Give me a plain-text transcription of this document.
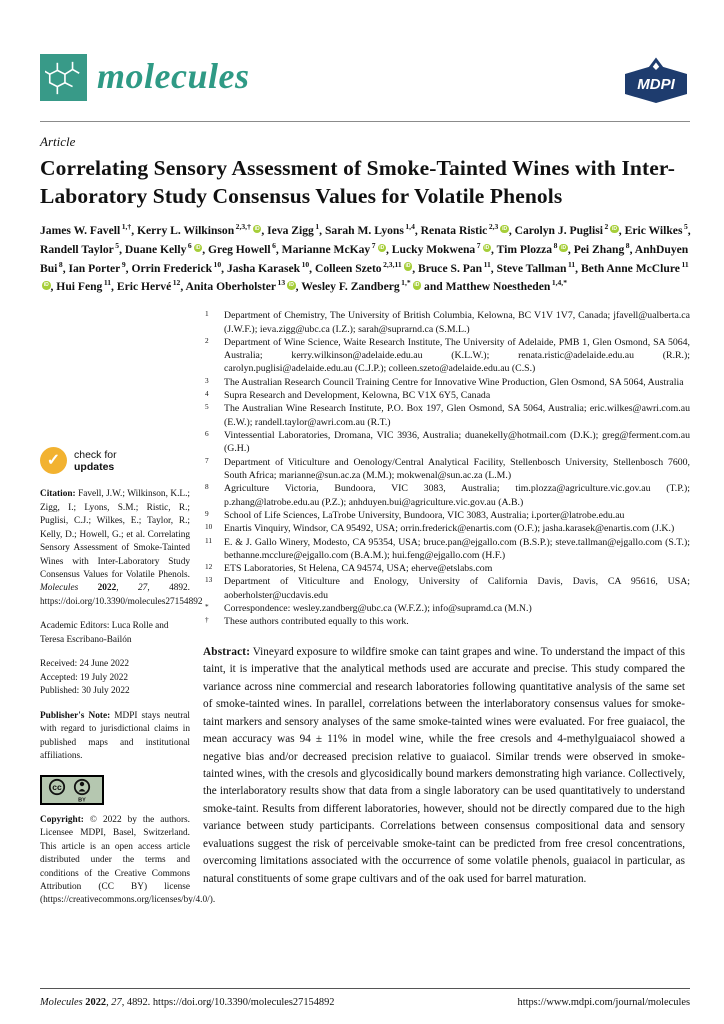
molecules	MDPI
Article
Correlating Sensory Assessment of Smoke-Tainted Wines with Inter-Laboratory Study Consensus Values for Volatile Phenols
James W. Favell $^{1,\dagger}$, Kerry L. Wilkinson $^{2,3,\dagger}$ iD , Ieva Zigg $^1$, Sarah M. Lyons $^{1,4}$, Renata Ristic $^{2,3}$ iD , Carolyn J. Puglisi $^2$ iD , Eric Wilkes $^5$, Randell Taylor $^5$, Duane Kelly $^6$ iD , Greg Howell $^6$, Marianne McKay $^7$ iD , Lucky Mokwena $^7$ iD , Tim Plozza $^8$ iD , Pei Zhang $^8$, AnhDuyen Bui $^8$, Ian Porter $^9$, Orrin Frederick $^{10}$, Jasha Karasek $^{10}$, Colleen Szeto $^{2,3,11}$ iD , Bruce S. Pan $^{11}$, Steve Tallman $^{11}$, Beth Anne McClure $^{11}$iD , Hui Feng $^{11}$, Eric Hervé $^{12}$, Anita Oberholster $^{13}$ iD , Wesley F. Zandberg $^{1,*}$ iD and Matthew Noestheden $^{1,4,*}$
✓	check for
updates

Citation: Favell, J.W.; Wilkinson, K.L.; Zigg, I.; Lyons, S.M.; Ristic, R.; Puglisi, C.J.; Wilkes, E.; Taylor, R.; Kelly, D.; Howell, G.; et al. Correlating Sensory Assessment of Smoke-Tainted Wines with Inter-Laboratory Study Consensus Values for Volatile Phenols. Molecules 2022, 27, 4892. https://doi.org/10.3390/molecules27154892

Academic Editors: Luca Rolle and Teresa Escribano-Bailón

Received: 24 June 2022
Accepted: 19 July 2022
Published: 30 July 2022

Publisher's Note: MDPI stays neutral with regard to jurisdictional claims in published maps and institutional affiliations.

cc
BY

Copyright: © 2022 by the authors. Licensee MDPI, Basel, Switzerland. This article is an open access article distributed under the terms and conditions of the Creative Commons Attribution (CC BY) license (https://creativecommons.org/licenses/by/4.0/).

1 Department of Chemistry, The University of British Columbia, Kelowna, BC V1V 1V7, Canada; jfavell@ualberta.ca (J.W.F.); ieva.zigg@ubc.ca (I.Z.); sarah@suprarnd.ca (S.M.L.)
2 Department of Wine Science, Waite Research Institute, The University of Adelaide, PMB 1, Glen Osmond, SA 5064, Australia; kerry.wilkinson@adelaide.edu.au (K.L.W.); renata.ristic@adelaide.edu.au (R.R.); carolyn.puglisi@adelaide.edu.au (C.J.P.); colleen.szeto@adelaide.edu.au (C.S.)
3 The Australian Research Council Training Centre for Innovative Wine Production, Glen Osmond, SA 5064, Australia
4 Supra Research and Development, Kelowna, BC V1X 6Y5, Canada
5 The Australian Wine Research Institute, P.O. Box 197, Glen Osmond, SA 5064, Australia; eric.wilkes@awri.com.au (E.W.); randell.taylor@awri.com.au (R.T.)
6 Vintessential Laboratories, Dromana, VIC 3936, Australia; duanekelly@hotmail.com (D.K.); greg@ferment.com.au (G.H.)
7 Department of Viticulture and Oenology/Central Analytical Facility, Stellenbosch University, Stellenbosch 7600, South Africa; marianne@sun.ac.za (M.M.); mokwenal@sun.ac.za (L.M.)
8 Agriculture Victoria, Bundoora, VIC 3083, Australia; tim.plozza@agriculture.vic.gov.au (T.P.); p.zhang@latrobe.edu.au (P.Z.); anhduyen.bui@agriculture.vic.gov.au (A.B.)
9 School of Life Sciences, LaTrobe University, Bundoora, VIC 3083, Australia; i.porter@latrobe.edu.au
10 Enartis Vinquiry, Windsor, CA 95492, USA; orrin.frederick@enartis.com (O.F.); jasha.karasek@enartis.com (J.K.)
11 E. & J. Gallo Winery, Modesto, CA 95354, USA; bruce.pan@ejgallo.com (B.S.P.); steve.tallman@ejgallo.com (S.T.); bethanne.mcclure@ejgallo.com (B.A.M.); hui.feng@ejgallo.com (H.F.)
12 ETS Laboratories, St Helena, CA 94574, USA; eherve@etslabs.com
13 Department of Viticulture and Enology, University of California Davis, Davis, CA 95616, USA; aoberholster@ucdavis.edu
* Correspondence: wesley.zandberg@ubc.ca (W.F.Z.); info@supramd.ca (M.N.)
† These authors contributed equally to this work.

Abstract: Vineyard exposure to wildfire smoke can taint grapes and wine. To understand the impact of this taint, it is imperative that the analytical methods used are accurate and precise. This study compared the variance across nine commercial and research laboratories following quantitative analysis of the same set of smoke-tainted wines. In parallel, correlations between the interlaboratory consensus values for smoke-taint markers and sensory analyses of the same smoke-tainted wines were evaluated. For free guaiacol, the mean accuracy was 94 ± 11% in model wine, while the free cresols and 4-methylguaiacol showed a negative bias and/or decreased precision relative to guaiacol. Similar trends were observed in smoke-tainted wines, with the cresols and glycosidically bound markers demonstrating high variance. Collectively, the interlaboratory results show that data from a single laboratory can be used quantitatively to understand smoke-taint. Results from different laboratories, however, should not be directly compared due to the high variance between study participants. Correlations between consensus compositional data and sensory evaluations suggest the risk of perceivable smoke-taint can be predicted from free cresol concentrations, overcoming limitations associated with the occurrence of some volatile phenols, guaiacol in particular, as natural constituents of some grape cultivars and of the oak used for barrel maturation.

Molecules 2022, 27, 4892. https://doi.org/10.3390/molecules27154892	https://www.mdpi.com/journal/molecules
